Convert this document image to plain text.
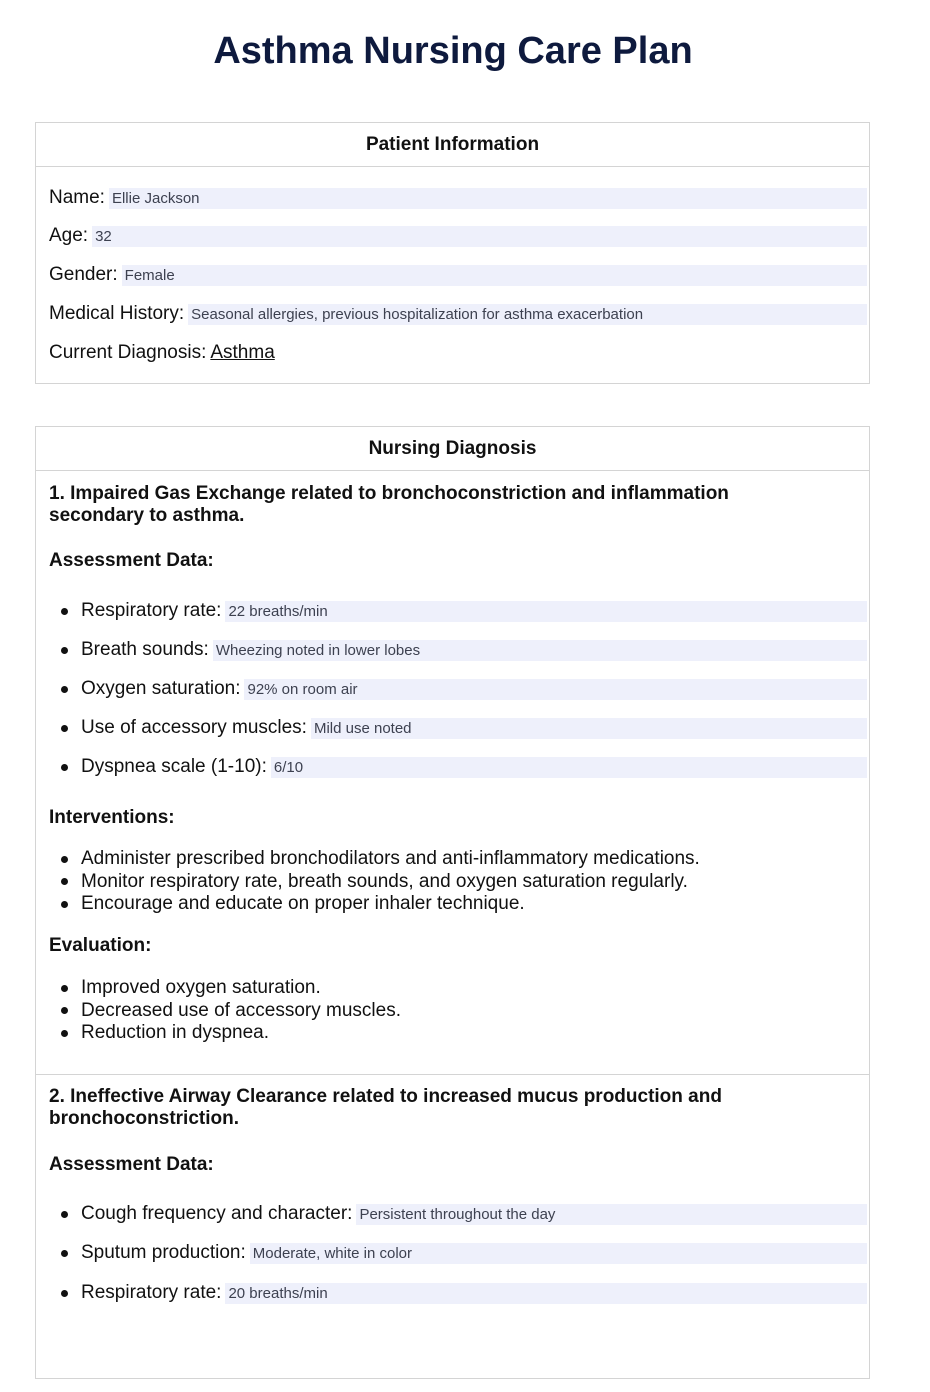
Asthma Nursing Care Plan
Patient Information
Name: Ellie Jackson
Age: 32
Gender: Female
Medical History: Seasonal allergies, previous hospitalization for asthma exacerbation
Current Diagnosis: Asthma
Nursing Diagnosis
1. Impaired Gas Exchange related to bronchoconstriction and inflammation secondary to asthma.
Assessment Data:
Respiratory rate: 22 breaths/min
Breath sounds: Wheezing noted in lower lobes
Oxygen saturation: 92% on room air
Use of accessory muscles: Mild use noted
Dyspnea scale (1-10): 6/10
Interventions:
Administer prescribed bronchodilators and anti-inflammatory medications.
Monitor respiratory rate, breath sounds, and oxygen saturation regularly.
Encourage and educate on proper inhaler technique.
Evaluation:
Improved oxygen saturation.
Decreased use of accessory muscles.
Reduction in dyspnea.
2. Ineffective Airway Clearance related to increased mucus production and bronchoconstriction.
Assessment Data:
Cough frequency and character: Persistent throughout the day
Sputum production: Moderate, white in color
Respiratory rate: 20 breaths/min
